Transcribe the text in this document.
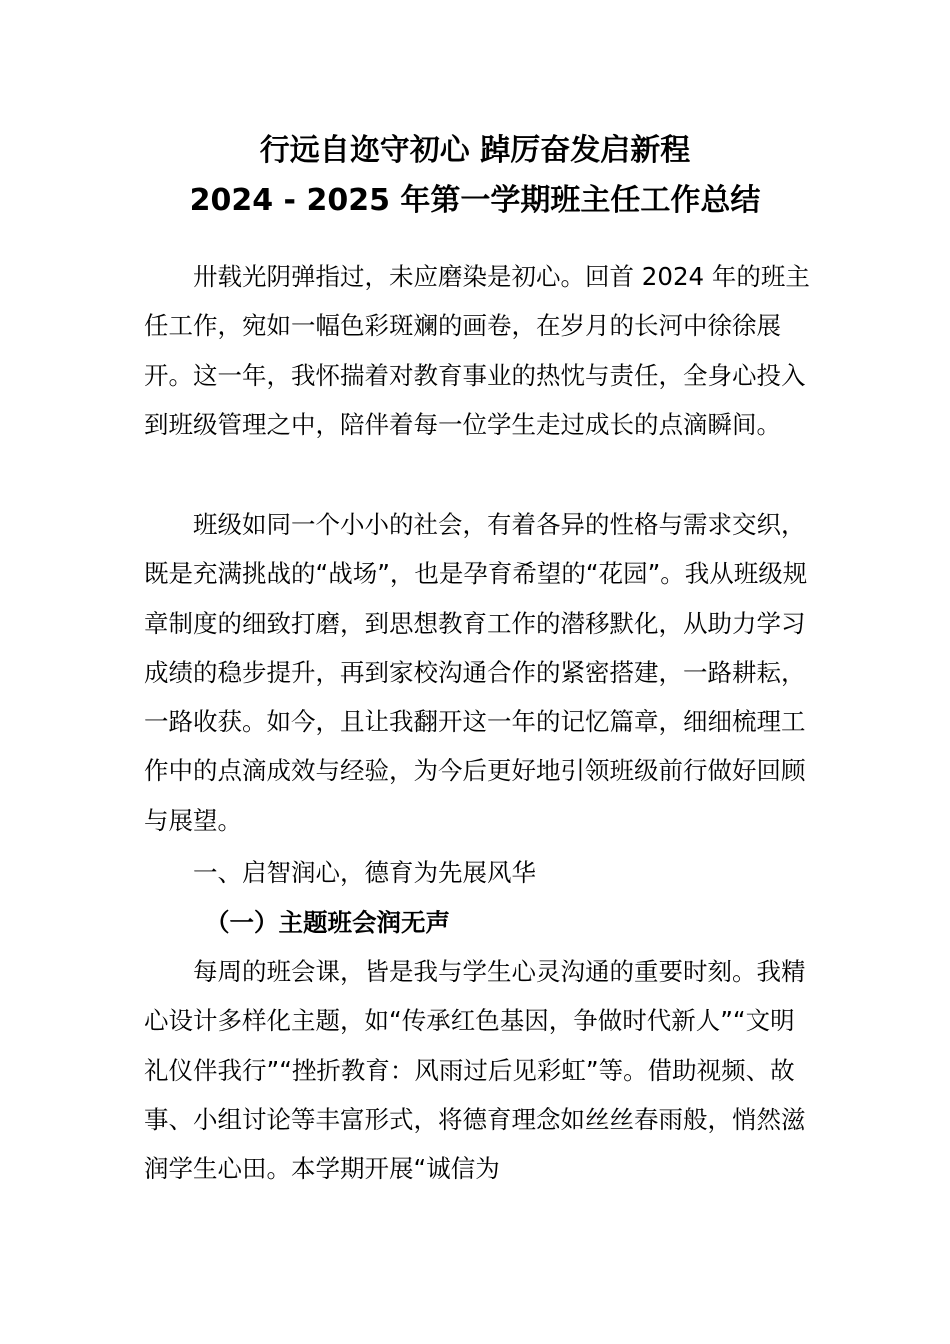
行远自迩守初心 踔厉奋发启新程
2024 - 2025 年第一学期班主任工作总结

卅载光阴弹指过，未应磨染是初心。回首 2024 年的班主任工作，宛如一幅色彩斑斓的画卷，在岁月的长河中徐徐展开。这一年，我怀揣着对教育事业的热忱与责任，全身心投入到班级管理之中，陪伴着每一位学生走过成长的点滴瞬间。

班级如同一个小小的社会，有着各异的性格与需求交织，既是充满挑战的“战场”，也是孕育希望的“花园”。我从班级规章制度的细致打磨，到思想教育工作的潜移默化，从助力学习成绩的稳步提升，再到家校沟通合作的紧密搭建，一路耕耘，一路收获。如今，且让我翻开这一年的记忆篇章，细细梳理工作中的点滴成效与经验，为今后更好地引领班级前行做好回顾与展望。

一、启智润心，德育为先展风华
（一）主题班会润无声

每周的班会课，皆是我与学生心灵沟通的重要时刻。我精心设计多样化主题，如“传承红色基因，争做时代新人”“文明礼仪伴我行”“挫折教育：风雨过后见彩虹”等。借助视频、故事、小组讨论等丰富形式，将德育理念如丝丝春雨般，悄然滋润学生心田。本学期开展“诚信为
